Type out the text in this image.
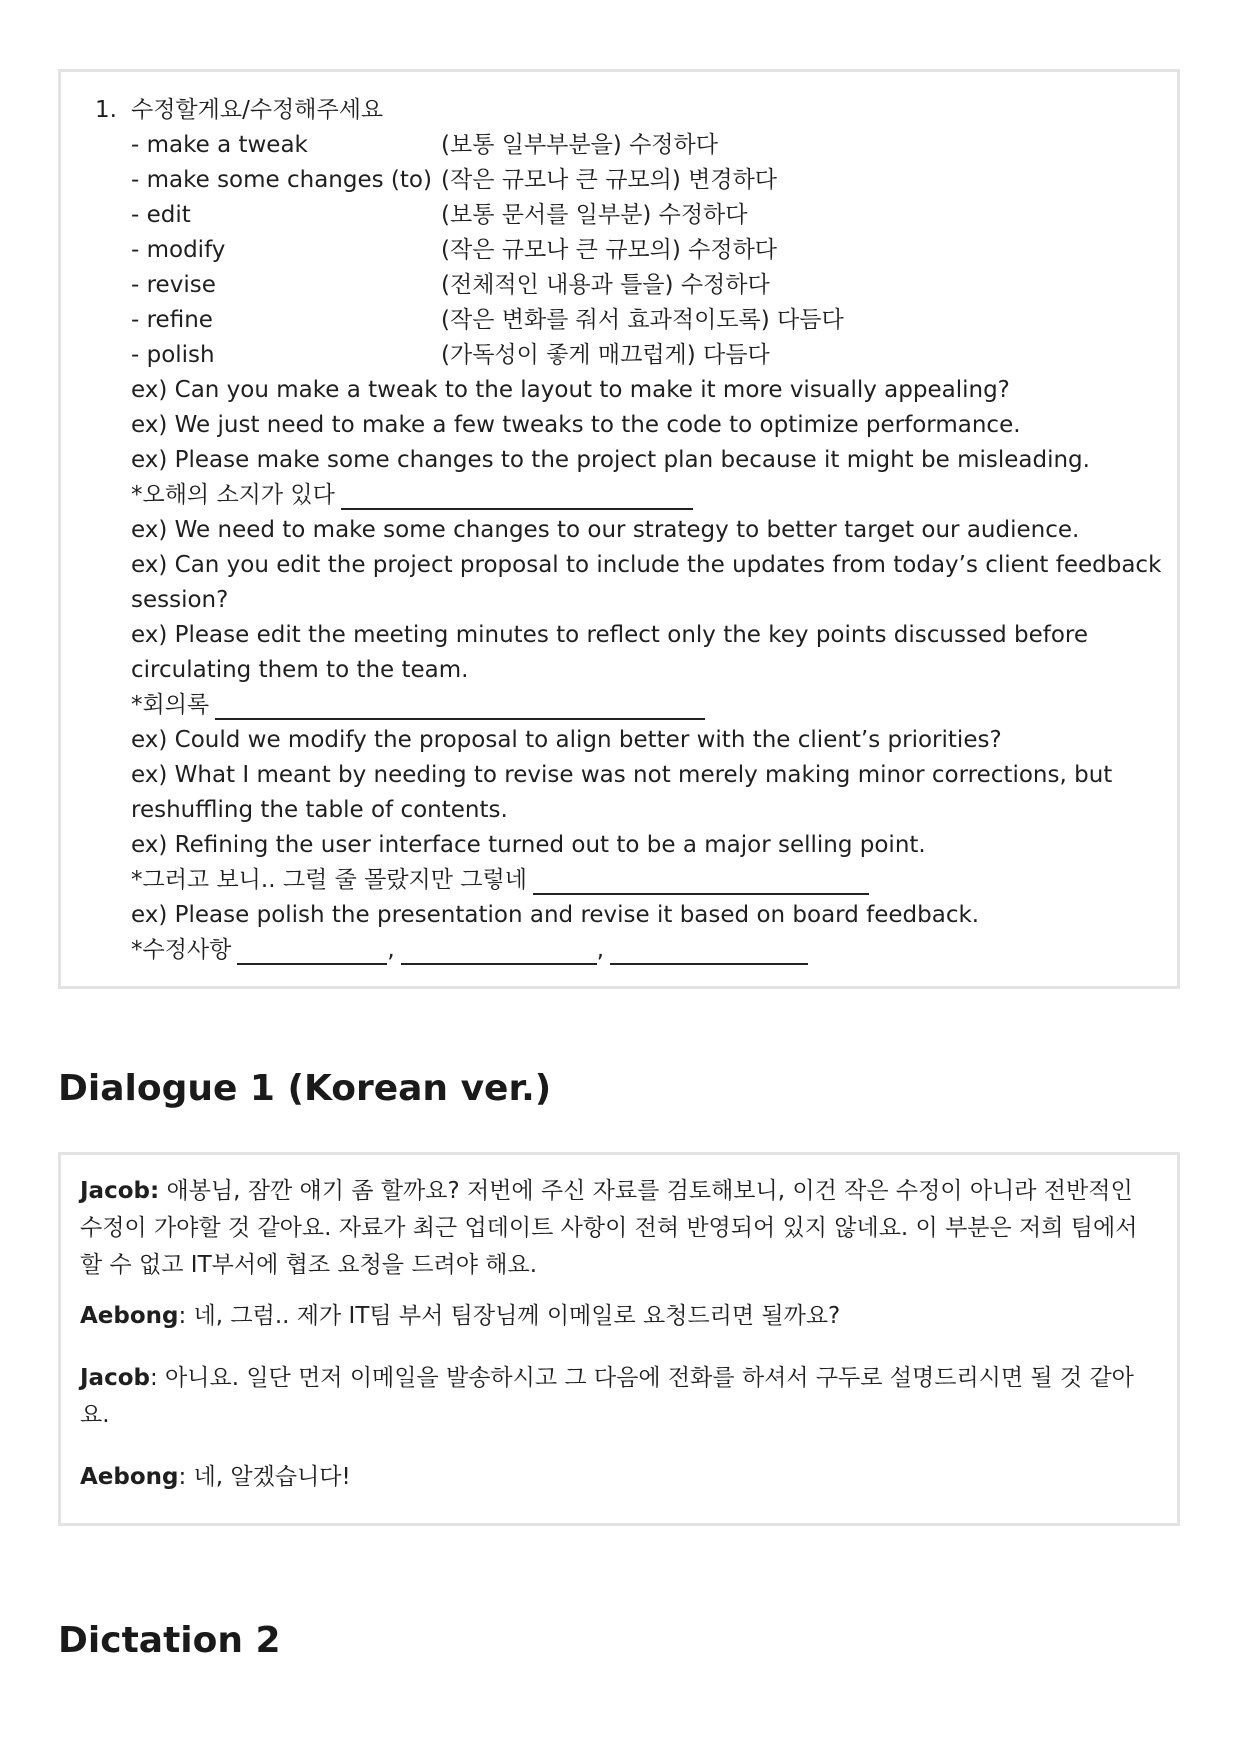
1. 수정할게요/수정해주세요
- make a tweak	(보통 일부부분을) 수정하다
- make some changes (to) (작은 규모나 큰 규모의) 변경하다
- edit	(보통 문서를 일부분) 수정하다
- modify	(작은 규모나 큰 규모의) 수정하다
- revise	(전체적인 내용과 틀을) 수정하다
- refine	(작은 변화를 줘서 효과적이도록) 다듬다
- polish	(가독성이 좋게 매끄럽게) 다듬다
ex) Can you make a tweak to the layout to make it more visually appealing?
ex) We just need to make a few tweaks to the code to optimize performance.
ex) Please make some changes to the project plan because it might be misleading.
*오해의 소지가 있다
ex) We need to make some changes to our strategy to better target our audience.
ex) Can you edit the project proposal to include the updates from today’s client feedback
session?
ex) Please edit the meeting minutes to reflect only the key points discussed before
circulating them to the team.
*회의록
ex) Could we modify the proposal to align better with the client’s priorities?
ex) What I meant by needing to revise was not merely making minor corrections, but
reshuffling the table of contents.
ex) Refining the user interface turned out to be a major selling point.
*그러고 보니.. 그럴 줄 몰랐지만 그렇네
ex) Please polish the presentation and revise it based on board feedback.
*수정사항	,	,
Dialogue 1 (Korean ver.)
Jacob: 애봉님, 잠깐 얘기 좀 할까요? 저번에 주신 자료를 검토해보니, 이건 작은 수정이 아니라 전반적인 수정이 가야할 것 같아요. 자료가 최근 업데이트 사항이 전혀 반영되어 있지 않네요. 이 부분은 저희 팀에서 할 수 없고 IT부서에 협조 요청을 드려야 해요.
Aebong: 네, 그럼.. 제가 IT팀 부서 팀장님께 이메일로 요청드리면 될까요?
Jacob: 아니요. 일단 먼저 이메일을 발송하시고 그 다음에 전화를 하셔서 구두로 설명드리시면 될 것 같아요.
Aebong: 네, 알겠습니다!
Dictation 2
